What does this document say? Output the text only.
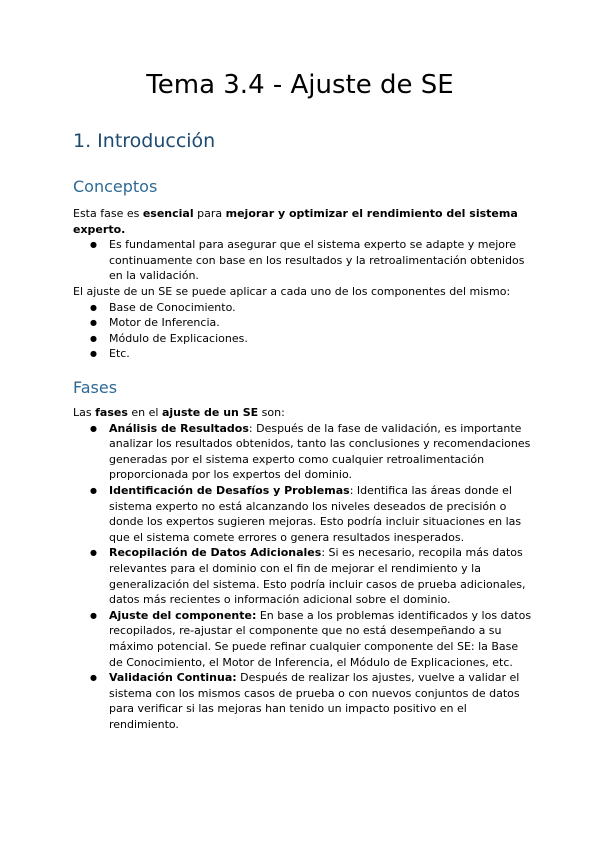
Tema 3.4 - Ajuste de SE
1. Introducción
Conceptos

Esta fase es esencial para mejorar y optimizar el rendimiento del sistema experto.

● Es fundamental para asegurar que el sistema experto se adapte y mejore continuamente con base en los resultados y la retroalimentación obtenidos en la validación.

El ajuste de un SE se puede aplicar a cada uno de los componentes del mismo:

● Base de Conocimiento.
● Motor de Inferencia.
● Módulo de Explicaciones.
● Etc.
Fases

Las fases en el ajuste de un SE son:

● Análisis de Resultados: Después de la fase de validación, es importante analizar los resultados obtenidos, tanto las conclusiones y recomendaciones generadas por el sistema experto como cualquier retroalimentación proporcionada por los expertos del dominio.
● Identificación de Desafíos y Problemas: Identifica las áreas donde el sistema experto no está alcanzando los niveles deseados de precisión o donde los expertos sugieren mejoras. Esto podría incluir situaciones en las que el sistema comete errores o genera resultados inesperados.
● Recopilación de Datos Adicionales: Si es necesario, recopila más datos relevantes para el dominio con el fin de mejorar el rendimiento y la generalización del sistema. Esto podría incluir casos de prueba adicionales, datos más recientes o información adicional sobre el dominio.
● Ajuste del componente: En base a los problemas identificados y los datos recopilados, re-ajustar el componente que no está desempeñando a su máximo potencial. Se puede refinar cualquier componente del SE: la Base de Conocimiento, el Motor de Inferencia, el Módulo de Explicaciones, etc.
● Validación Continua: Después de realizar los ajustes, vuelve a validar el sistema con los mismos casos de prueba o con nuevos conjuntos de datos para verificar si las mejoras han tenido un impacto positivo en el rendimiento.
